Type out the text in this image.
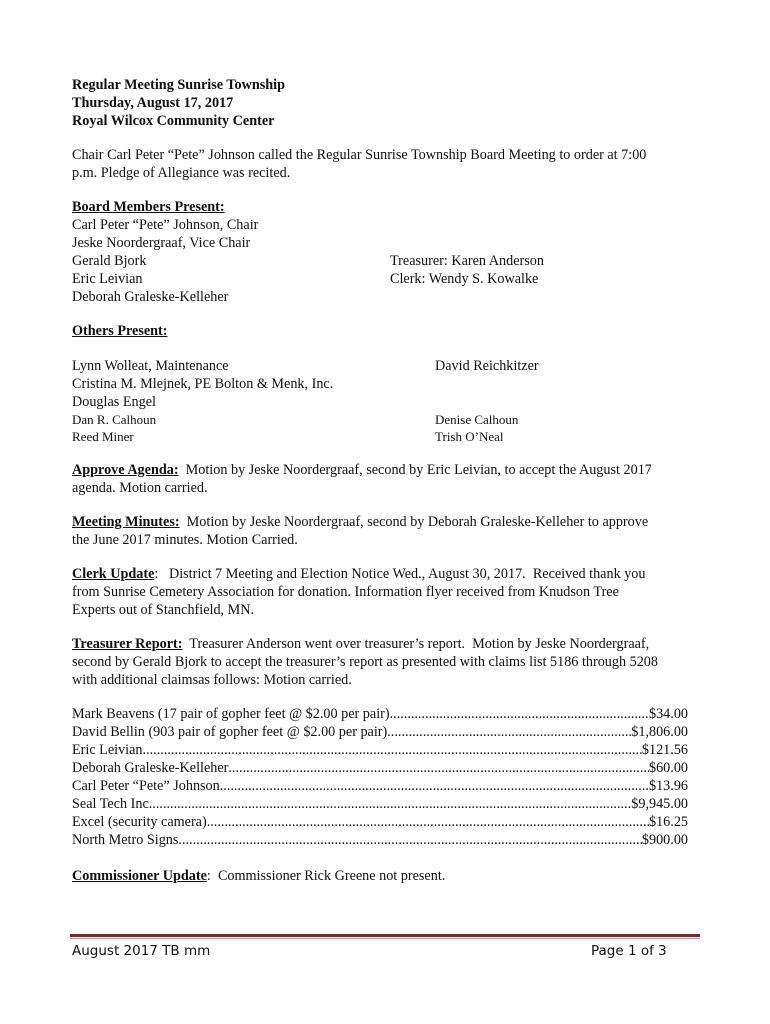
Regular Meeting Sunrise Township
Thursday, August 17, 2017
Royal Wilcox Community Center
Chair Carl Peter “Pete” Johnson called the Regular Sunrise Township Board Meeting to order at 7:00
p.m. Pledge of Allegiance was recited.
Board Members Present:
Carl Peter “Pete” Johnson, Chair
Jeske Noordergraaf, Vice Chair
Gerald Bjork	Treasurer: Karen Anderson
Eric Leivian	Clerk: Wendy S. Kowalke
Deborah Graleske-Kelleher
Others Present:
Lynn Wolleat, Maintenance	David Reichkitzer
Cristina M. Mlejnek, PE Bolton & Menk, Inc.
Douglas Engel
Dan R. Calhoun	Denise Calhoun
Reed Miner	Trish O’Neal
Approve Agenda:  Motion by Jeske Noordergraaf, second by Eric Leivian, to accept the August 2017
agenda. Motion carried.
Meeting Minutes:  Motion by Jeske Noordergraaf, second by Deborah Graleske-Kelleher to approve
the June 2017 minutes. Motion Carried.
Clerk Update:   District 7 Meeting and Election Notice Wed., August 30, 2017.  Received thank you
from Sunrise Cemetery Association for donation. Information flyer received from Knudson Tree
Experts out of Stanchfield, MN.
Treasurer Report:  Treasurer Anderson went over treasurer’s report.  Motion by Jeske Noordergraaf,
second by Gerald Bjork to accept the treasurer’s report as presented with claims list 5186 through 5208
with additional claimsas follows: Motion carried.
Mark Beavens (17 pair of gopher feet @ $2.00 per pair) .....	$34.00
David Bellin (903 pair of gopher feet @ $2.00 per pair) .....	$1,806.00
Eric Leivian .....	$121.56
Deborah Graleske-Kelleher .....	$60.00
Carl Peter “Pete” Johnson .....	$13.96
Seal Tech Inc. .....	$9,945.00
Excel (security camera) .....	$16.25
North Metro Signs .....	$900.00
Commissioner Update:  Commissioner Rick Greene not present.
August 2017 TB mm	Page 1 of 3
